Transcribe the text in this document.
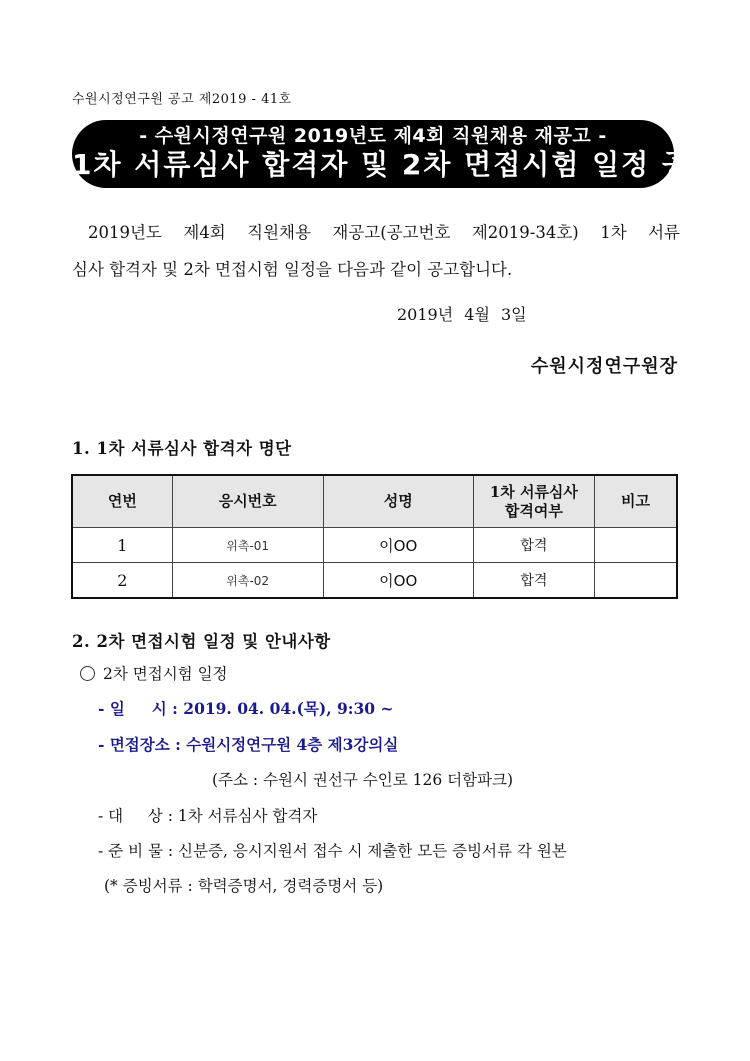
수원시정연구원 공고 제2019 - 41호
- 수원시정연구원 2019년도 제4회 직원채용 재공고 -
1차 서류심사 합격자 및 2차 면접시험 일정 공고
2019년도 제4회 직원채용 재공고(공고번호 제2019-34호) 1차 서류
심사 합격자 및 2차 면접시험 일정을 다음과 같이 공고합니다.
2019년 4월 3일
수원시정연구원장
1. 1차 서류심사 합격자 명단
연번	응시번호	성명	1차 서류심사
합격여부	비고
1	위촉-01	이OO	합격	
2	위촉-02	이OO	합격	
2. 2차 면접시험 일정 및 안내사항
2차 면접시험 일정
- 일     시 : 2019. 04. 04.(목), 9:30 ~
- 면접장소 : 수원시정연구원 4층 제3강의실
(주소 : 수원시 권선구 수인로 126 더함파크)
- 대     상 : 1차 서류심사 합격자
- 준 비 물 : 신분증, 응시지원서 접수 시 제출한 모든 증빙서류 각 원본
(* 증빙서류 : 학력증명서, 경력증명서 등)
